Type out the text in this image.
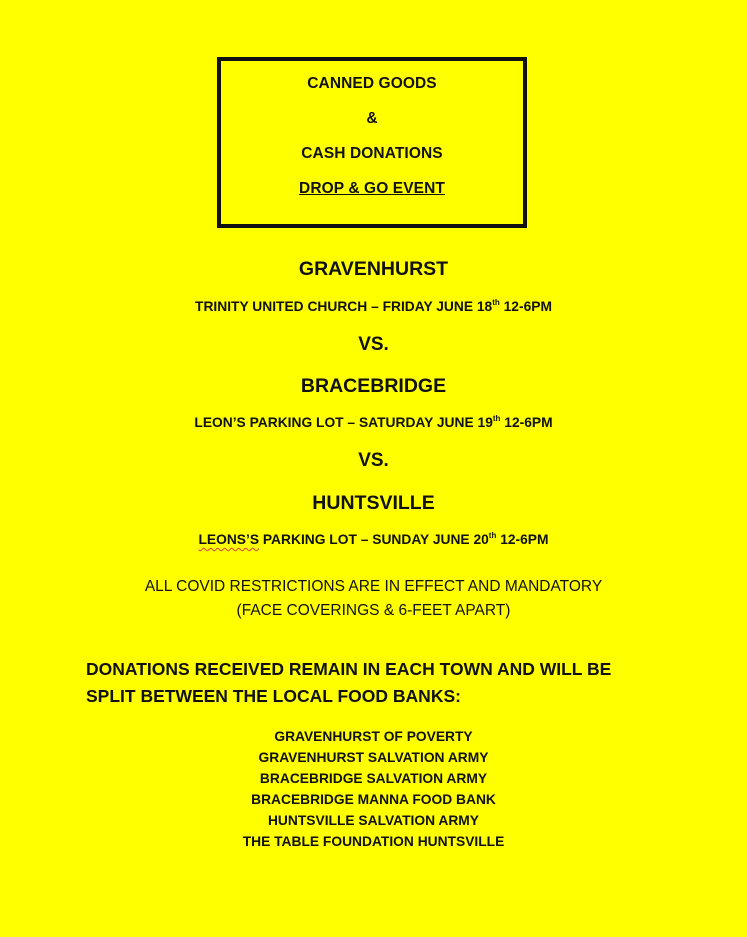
CANNED GOODS
&
CASH DONATIONS
DROP & GO EVENT
GRAVENHURST
TRINITY UNITED CHURCH – FRIDAY JUNE 18th 12-6PM
VS.
BRACEBRIDGE
LEON’S PARKING LOT – SATURDAY JUNE 19th 12-6PM
VS.
HUNTSVILLE
LEONS’S PARKING LOT – SUNDAY JUNE 20th 12-6PM
ALL COVID RESTRICTIONS ARE IN EFFECT AND MANDATORY
(FACE COVERINGS & 6-FEET APART)
DONATIONS RECEIVED REMAIN IN EACH TOWN AND WILL BE
SPLIT BETWEEN THE LOCAL FOOD BANKS:
GRAVENHURST OF POVERTY
GRAVENHURST SALVATION ARMY
BRACEBRIDGE SALVATION ARMY
BRACEBRIDGE MANNA FOOD BANK
HUNTSVILLE SALVATION ARMY
THE TABLE FOUNDATION HUNTSVILLE
